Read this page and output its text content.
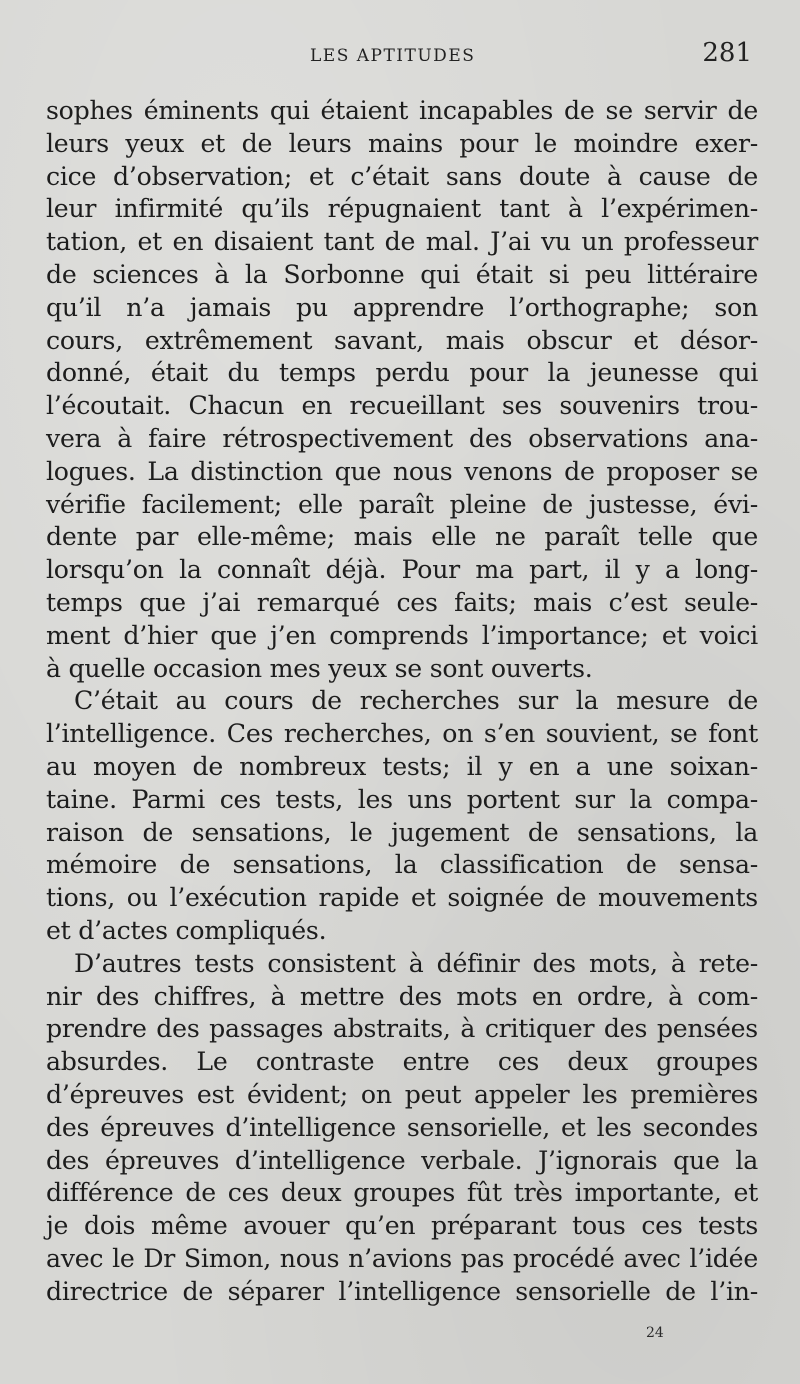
LES APTITUDES	281
sophes éminents qui étaient incapables de se servir de
leurs yeux et de leurs mains pour le moindre exer-
cice d’observation; et c’était sans doute à cause de
leur infirmité qu’ils répugnaient tant à l’expérimen-
tation, et en disaient tant de mal. J’ai vu un professeur
de sciences à la Sorbonne qui était si peu littéraire
qu’il n’a jamais pu apprendre l’orthographe; son
cours, extrêmement savant, mais obscur et désor-
donné, était du temps perdu pour la jeunesse qui
l’écoutait. Chacun en recueillant ses souvenirs trou-
vera à faire rétrospectivement des observations ana-
logues. La distinction que nous venons de proposer se
vérifie facilement; elle paraît pleine de justesse, évi-
dente par elle-même; mais elle ne paraît telle que
lorsqu’on la connaît déjà. Pour ma part, il y a long-
temps que j’ai remarqué ces faits; mais c’est seule-
ment d’hier que j’en comprends l’importance; et voici
à quelle occasion mes yeux se sont ouverts.
C’était au cours de recherches sur la mesure de
l’intelligence. Ces recherches, on s’en souvient, se font
au moyen de nombreux tests; il y en a une soixan-
taine. Parmi ces tests, les uns portent sur la compa-
raison de sensations, le jugement de sensations, la
mémoire de sensations, la classification de sensa-
tions, ou l’exécution rapide et soignée de mouvements
et d’actes compliqués.
D’autres tests consistent à définir des mots, à rete-
nir des chiffres, à mettre des mots en ordre, à com-
prendre des passages abstraits, à critiquer des pensées
absurdes. Le contraste entre ces deux groupes
d’épreuves est évident; on peut appeler les premières
des épreuves d’intelligence sensorielle, et les secondes
des épreuves d’intelligence verbale. J’ignorais que la
différence de ces deux groupes fût très importante, et
je dois même avouer qu’en préparant tous ces tests
avec le Dr Simon, nous n’avions pas procédé avec l’idée
directrice de séparer l’intelligence sensorielle de l’in-
24
